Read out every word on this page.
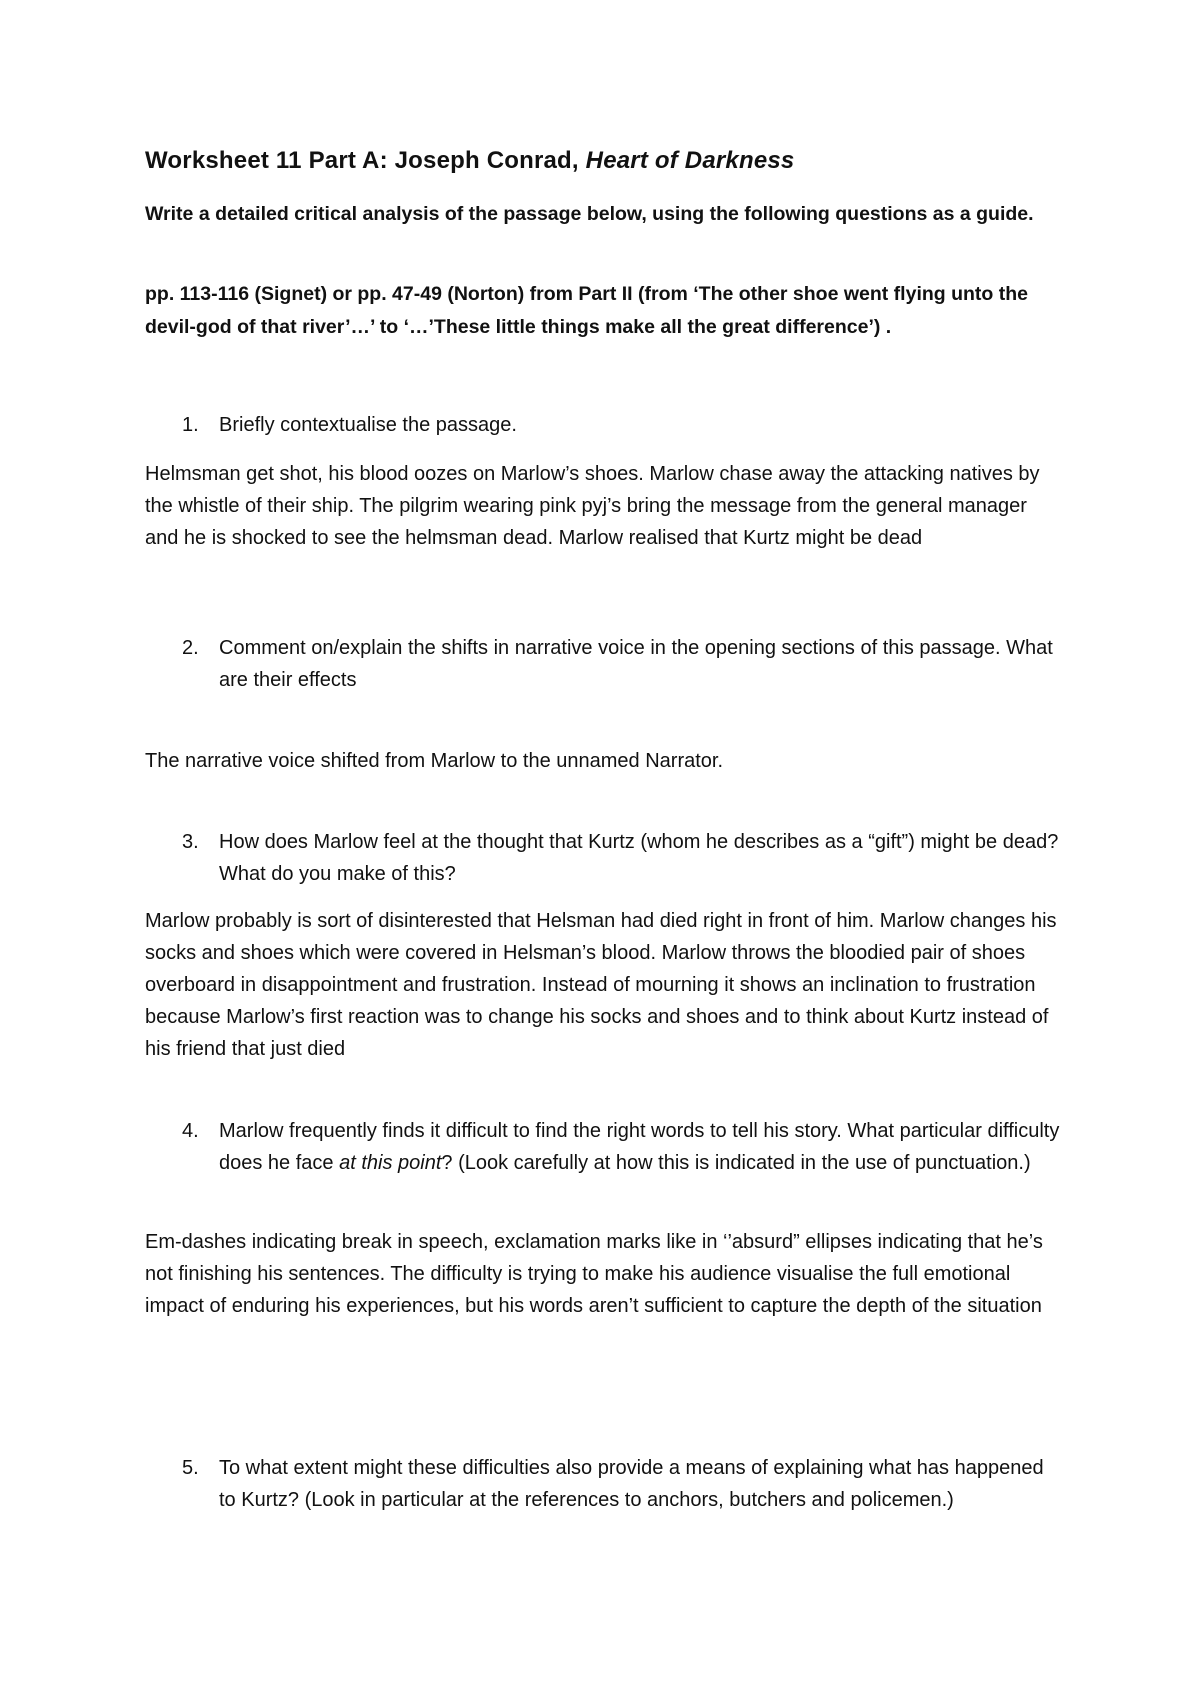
Worksheet 11 Part A: Joseph Conrad, Heart of Darkness
Write a detailed critical analysis of the passage below, using the following questions as a guide.
pp. 113-116 (Signet) or pp. 47-49 (Norton) from Part II (from ‘The other shoe went flying unto the devil-god of that river’…’ to ‘…’These little things make all the great difference’) .
1. Briefly contextualise the passage.
Helmsman get shot, his blood oozes on Marlow’s shoes. Marlow chase away the attacking natives by the whistle of their ship. The pilgrim wearing pink pyj’s bring the message from the general manager and he is shocked to see the helmsman dead. Marlow realised that Kurtz might be dead
2. Comment on/explain the shifts in narrative voice in the opening sections of this passage. What are their effects
The narrative voice shifted from Marlow to the unnamed Narrator.
3. How does Marlow feel at the thought that Kurtz (whom he describes as a “gift”) might be dead? What do you make of this?
Marlow probably is sort of disinterested that Helsman had died right in front of him. Marlow changes his socks and shoes which were covered in Helsman’s blood. Marlow throws the bloodied pair of shoes overboard in disappointment and frustration. Instead of mourning it shows an inclination to frustration because Marlow’s first reaction was to change his socks and shoes and to think about Kurtz instead of his friend that just died
4. Marlow frequently finds it difficult to find the right words to tell his story. What particular difficulty does he face at this point? (Look carefully at how this is indicated in the use of punctuation.)
Em-dashes indicating break in speech, exclamation marks like in ‘’absurd” ellipses indicating that he’s not finishing his sentences. The difficulty is trying to make his audience visualise the full emotional impact of enduring his experiences, but his words aren’t sufficient to capture the depth of the situation
5. To what extent might these difficulties also provide a means of explaining what has happened to Kurtz? (Look in particular at the references to anchors, butchers and policemen.)
